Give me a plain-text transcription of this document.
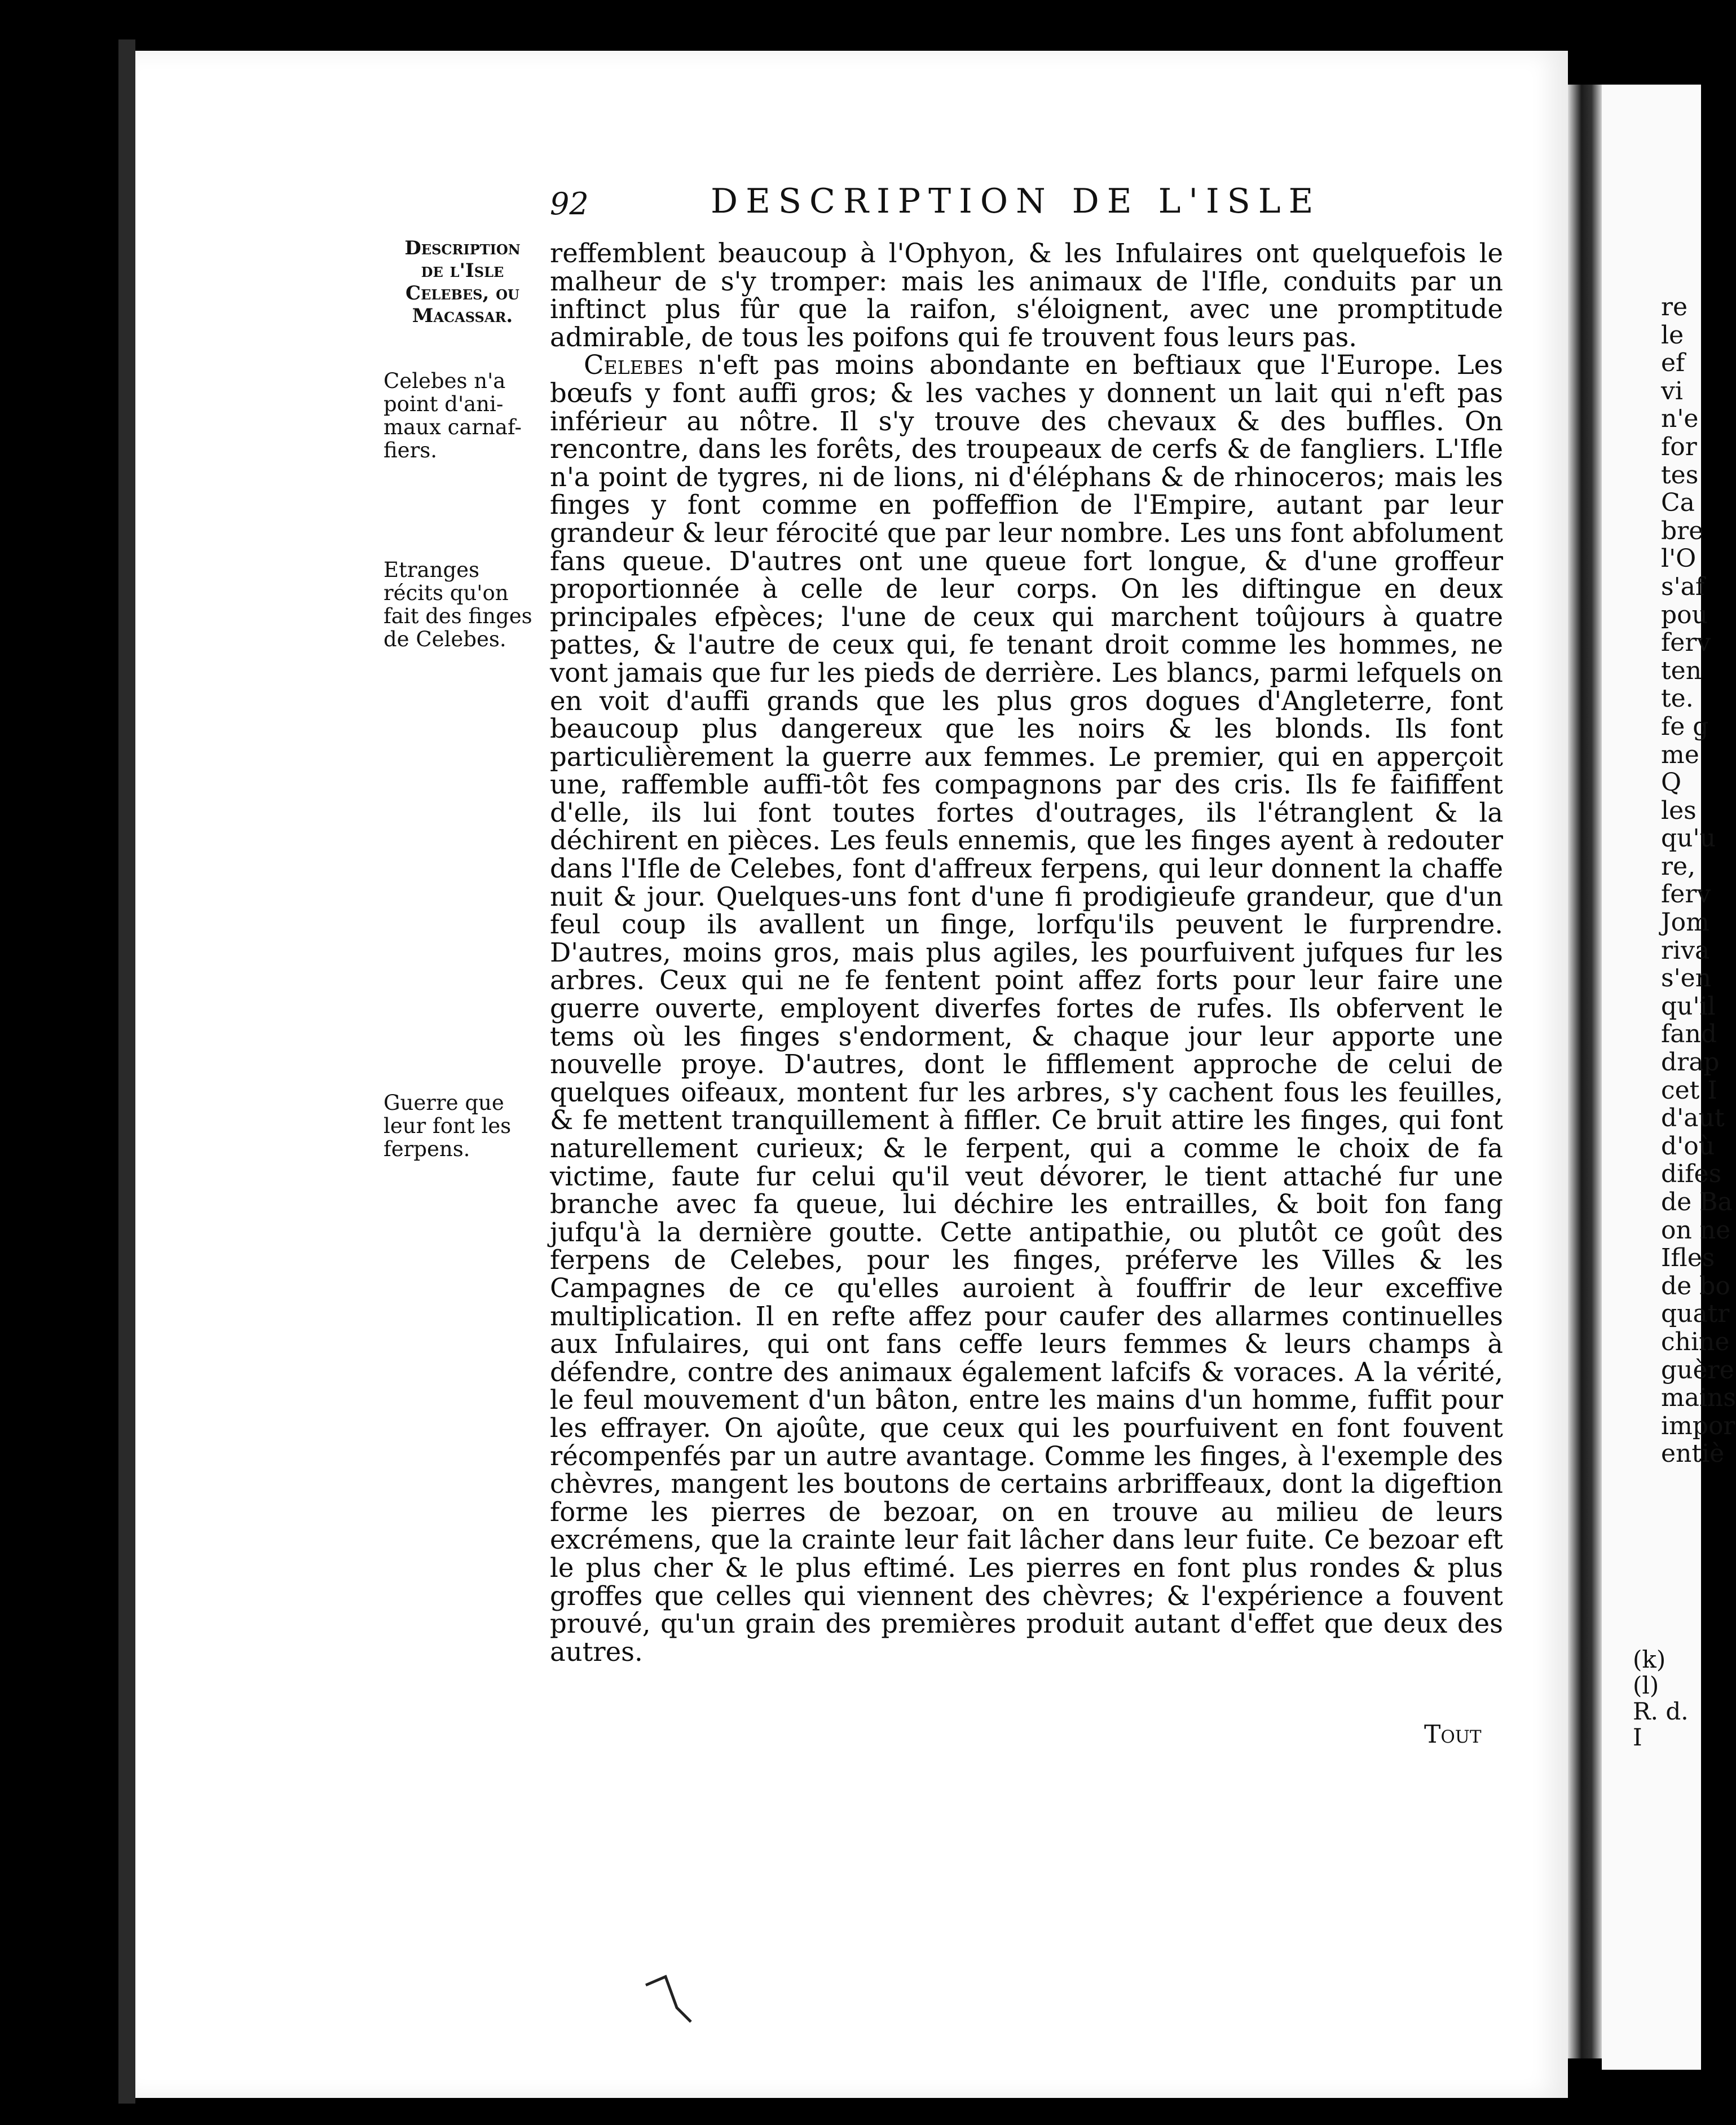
92	DESCRIPTION DE L'ISLE
Description
de l'Isle
Celebes, ou
Macassar.
Celebes n'a
point d'ani-
maux carnaf-
fiers.
Etranges
récits qu'on
fait des finges
de Celebes.
Guerre que
leur font les
ferpens.

reffemblent beaucoup à l'Ophyon, & les Infulaires ont quelquefois le malheur de s'y tromper: mais les animaux de l'Ifle, conduits par un inftinct plus fûr que la raifon, s'éloignent, avec une promptitude admirable, de tous les poifons qui fe trouvent fous leurs pas.

Celebes n'eft pas moins abondante en beftiaux que l'Europe. Les bœufs y font auffi gros; & les vaches y donnent un lait qui n'eft pas inférieur au nôtre. Il s'y trouve des chevaux & des buffles. On rencontre, dans les forêts, des troupeaux de cerfs & de fangliers. L'Ifle n'a point de tygres, ni de lions, ni d'éléphans & de rhinoceros; mais les finges y font comme en poffeffion de l'Empire, autant par leur grandeur & leur férocité que par leur nombre. Les uns font abfolument fans queue. D'autres ont une queue fort longue, & d'une groffeur proportionnée à celle de leur corps. On les diftingue en deux principales efpèces; l'une de ceux qui marchent toûjours à quatre pattes, & l'autre de ceux qui, fe tenant droit comme les hommes, ne vont jamais que fur les pieds de derrière. Les blancs, parmi lefquels on en voit d'auffi grands que les plus gros dogues d'Angleterre, font beaucoup plus dangereux que les noirs & les blonds. Ils font particulièrement la guerre aux femmes. Le premier, qui en apperçoit une, raffemble auffi-tôt fes compagnons par des cris. Ils fe faififfent d'elle, ils lui font toutes fortes d'outrages, ils l'étranglent & la déchirent en pièces. Les feuls ennemis, que les finges ayent à redouter dans l'Ifle de Celebes, font d'affreux ferpens, qui leur donnent la chaffe nuit & jour. Quelques-uns font d'une fi prodigieufe grandeur, que d'un feul coup ils avallent un finge, lorfqu'ils peuvent le furprendre. D'autres, moins gros, mais plus agiles, les pourfuivent jufques fur les arbres. Ceux qui ne fe fentent point affez forts pour leur faire une guerre ouverte, employent diverfes fortes de rufes. Ils obfervent le tems où les finges s'endorment, & chaque jour leur apporte une nouvelle proye. D'autres, dont le fifflement approche de celui de quelques oifeaux, montent fur les arbres, s'y cachent fous les feuilles, & fe mettent tranquillement à fiffler. Ce bruit attire les finges, qui font naturellement curieux; & le ferpent, qui a comme le choix de fa victime, faute fur celui qu'il veut dévorer, le tient attaché fur une branche avec fa queue, lui déchire les entrailles, & boit fon fang jufqu'à la dernière goutte. Cette antipathie, ou plutôt ce goût des ferpens de Celebes, pour les finges, préferve les Villes & les Campagnes de ce qu'elles auroient à fouffrir de leur exceffive multiplication. Il en refte affez pour caufer des allarmes continuelles aux Infulaires, qui ont fans ceffe leurs femmes & leurs champs à défendre, contre des animaux également lafcifs & voraces. A la vérité, le feul mouvement d'un bâton, entre les mains d'un homme, fuffit pour les effrayer. On ajoûte, que ceux qui les pourfuivent en font fouvent récompenfés par un autre avantage. Comme les finges, à l'exemple des chèvres, mangent les boutons de certains arbriffeaux, dont la digeftion forme les pierres de bezoar, on en trouve au milieu de leurs excrémens, que la crainte leur fait lâcher dans leur fuite. Ce bezoar eft le plus cher & le plus eftimé. Les pierres en font plus rondes & plus groffes que celles qui viennent des chèvres; & l'expérience a fouvent prouvé, qu'un grain des premières produit autant d'effet que deux des autres.

Tout
re
le
ef
vi
n'e
for
tes
Ca
bre
l'O
s'af
pou
ferv
ten
te.
fe g
me
Q
les
qu'u
re,
ferv
Jom
riva
s'en
qu'il
fand
drap
cet I
d'aut
d'où
difes
de Ba
on ne
Ifles
de bo
quatr
chine
guère
mains
impor
entiè
(k)
(l)
R. d. I
